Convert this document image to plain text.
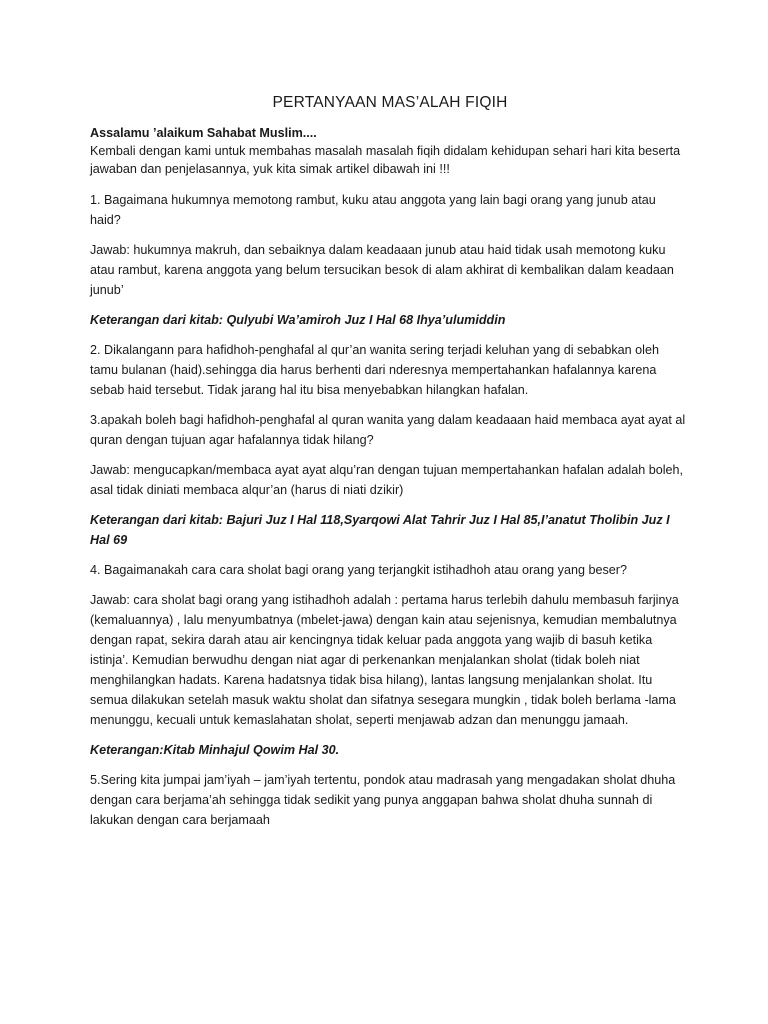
PERTANYAAN MAS’ALAH FIQIH
Assalamu ’alaikum Sahabat Muslim....

Kembali dengan kami untuk membahas masalah masalah fiqih didalam kehidupan sehari hari kita beserta jawaban dan penjelasannya, yuk kita simak artikel dibawah ini !!!

1. Bagaimana hukumnya memotong rambut, kuku atau anggota yang lain bagi orang yang junub atau haid?

Jawab: hukumnya makruh, dan sebaiknya dalam keadaaan junub atau haid tidak usah memotong kuku atau rambut, karena anggota yang belum tersucikan besok di alam akhirat di kembalikan dalam keadaan junub’

Keterangan dari kitab: Qulyubi Wa’amiroh Juz I Hal 68 Ihya’ulumiddin

2. Dikalangann para hafidhoh-penghafal al qur’an wanita sering terjadi keluhan yang di sebabkan oleh tamu bulanan (haid).sehingga dia harus berhenti dari nderesnya mempertahankan hafalannya karena sebab haid tersebut. Tidak jarang hal itu bisa menyebabkan hilangkan hafalan.

3.apakah boleh bagi hafidhoh-penghafal al quran wanita yang dalam keadaaan haid membaca ayat ayat al quran dengan tujuan agar hafalannya tidak hilang?

Jawab: mengucapkan/membaca ayat ayat alqu’ran dengan tujuan mempertahankan hafalan adalah boleh, asal tidak diniati membaca alqur’an (harus di niati dzikir)

Keterangan dari kitab: Bajuri Juz I Hal 118,Syarqowi Alat Tahrir Juz I Hal 85,I’anatut Tholibin Juz I Hal 69

4. Bagaimanakah cara cara sholat bagi orang yang terjangkit istihadhoh atau orang yang beser?

Jawab: cara sholat bagi orang yang istihadhoh adalah : pertama harus terlebih dahulu membasuh farjinya (kemaluannya) , lalu menyumbatnya (mbelet-jawa) dengan kain atau sejenisnya, kemudian membalutnya dengan rapat, sekira darah atau air kencingnya tidak keluar pada anggota yang wajib di basuh ketika istinja’. Kemudian berwudhu dengan niat agar di perkenankan menjalankan sholat (tidak boleh niat menghilangkan hadats. Karena hadatsnya tidak bisa hilang), lantas langsung menjalankan sholat. Itu semua dilakukan setelah masuk waktu sholat dan sifatnya sesegara mungkin , tidak boleh berlama -lama menunggu, kecuali untuk kemaslahatan sholat, seperti menjawab adzan dan menunggu jamaah.

Keterangan:Kitab Minhajul Qowim Hal 30.

5.Sering kita jumpai jam’iyah – jam’iyah tertentu, pondok atau madrasah yang mengadakan sholat dhuha dengan cara berjama’ah sehingga tidak sedikit yang punya anggapan bahwa sholat dhuha sunnah di lakukan dengan cara berjamaah
